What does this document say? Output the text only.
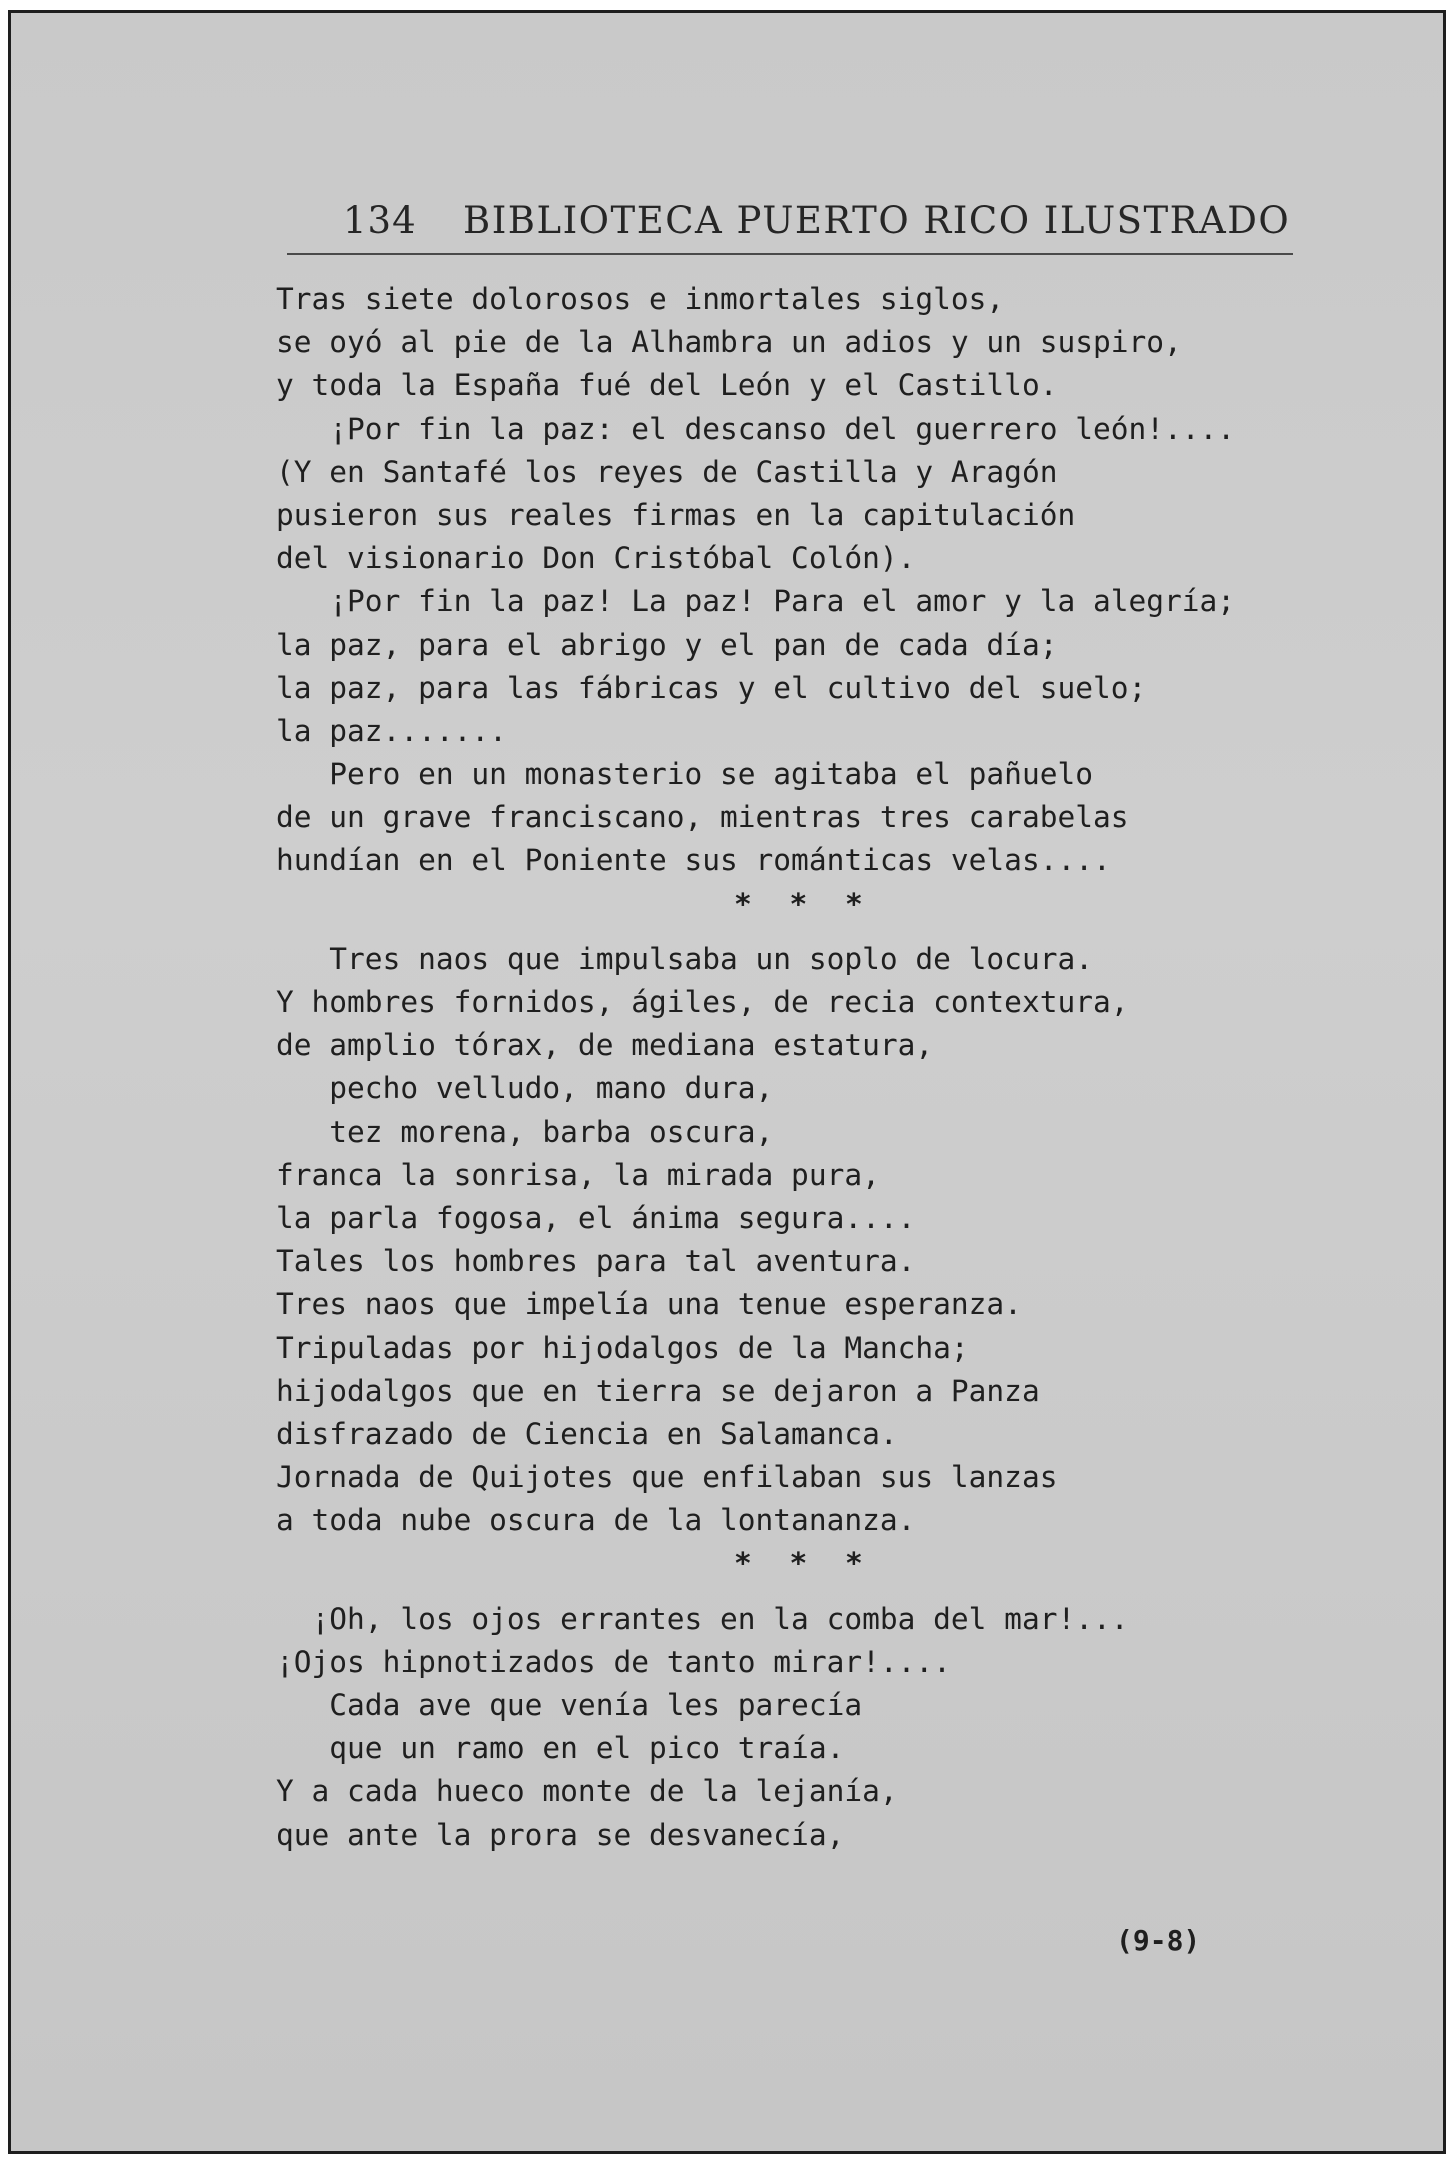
134 BIBLIOTECA PUERTO RICO ILUSTRADO
Tras siete dolorosos e inmortales siglos,
se oyó al pie de la Alhambra un adios y un suspiro,
y toda la España fué del León y el Castillo.
¡Por fin la paz: el descanso del guerrero león!....
(Y en Santafé los reyes de Castilla y Aragón
pusieron sus reales firmas en la capitulación
del visionario Don Cristóbal Colón).
¡Por fin la paz! La paz! Para el amor y la alegría;
la paz, para el abrigo y el pan de cada día;
la paz, para las fábricas y el cultivo del suelo;
la paz.......
Pero en un monasterio se agitaba el pañuelo
de un grave franciscano, mientras tres carabelas
hundían en el Poniente sus románticas velas....
* * *
Tres naos que impulsaba un soplo de locura.
Y hombres fornidos, ágiles, de recia contextura,
de amplio tórax, de mediana estatura,
pecho velludo, mano dura,
tez morena, barba oscura,
franca la sonrisa, la mirada pura,
la parla fogosa, el ánima segura....
Tales los hombres para tal aventura.
Tres naos que impelía una tenue esperanza.
Tripuladas por hijodalgos de la Mancha;
hijodalgos que en tierra se dejaron a Panza
disfrazado de Ciencia en Salamanca.
Jornada de Quijotes que enfilaban sus lanzas
a toda nube oscura de la lontananza.
* * *
¡Oh, los ojos errantes en la comba del mar!...
¡Ojos hipnotizados de tanto mirar!....
Cada ave que venía les parecía
que un ramo en el pico traía.
Y a cada hueco monte de la lejanía,
que ante la prora se desvanecía,
(9-8)
